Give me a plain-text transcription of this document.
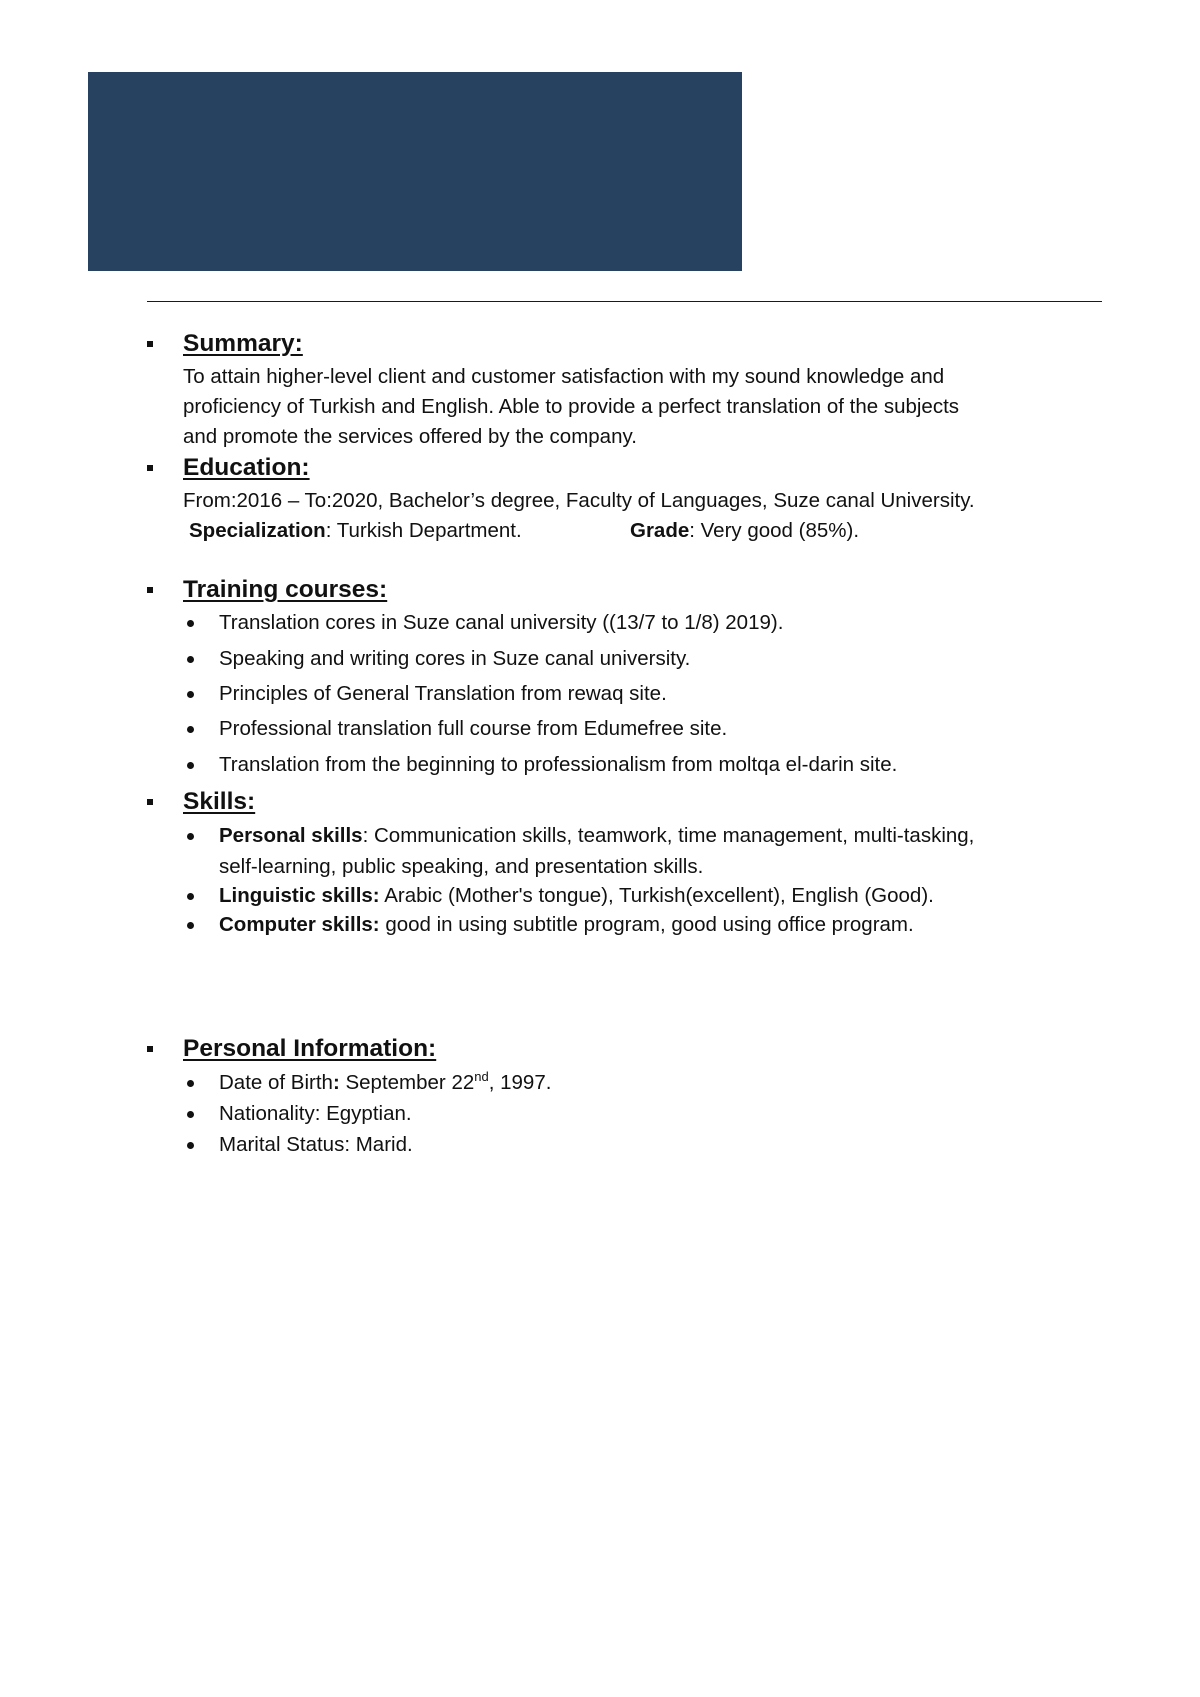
Summary:
To attain higher-level client and customer satisfaction with my sound knowledge and
proficiency of Turkish and English. Able to provide a perfect translation of the subjects
and promote the services offered by the company.
Education:
From:2016 – To:2020, Bachelor’s degree, Faculty of Languages, Suze canal University.
Specialization: Turkish Department.	Grade: Very good (85%).
Training courses:
Translation cores in Suze canal university ((13/7 to 1/8) 2019).
Speaking and writing cores in Suze canal university.
Principles of General Translation from rewaq site.
Professional translation full course from Edumefree site.
Translation from the beginning to professionalism from moltqa el-darin site.
Skills:
Personal skills: Communication skills, teamwork, time management, multi-tasking,
self-learning, public speaking, and presentation skills.
Linguistic skills: Arabic (Mother's tongue), Turkish(excellent), English (Good).
Computer skills: good in using subtitle program, good using office program.
Personal Information:
Date of Birth: September 22nd, 1997.
Nationality: Egyptian.
Marital Status: Marid.
